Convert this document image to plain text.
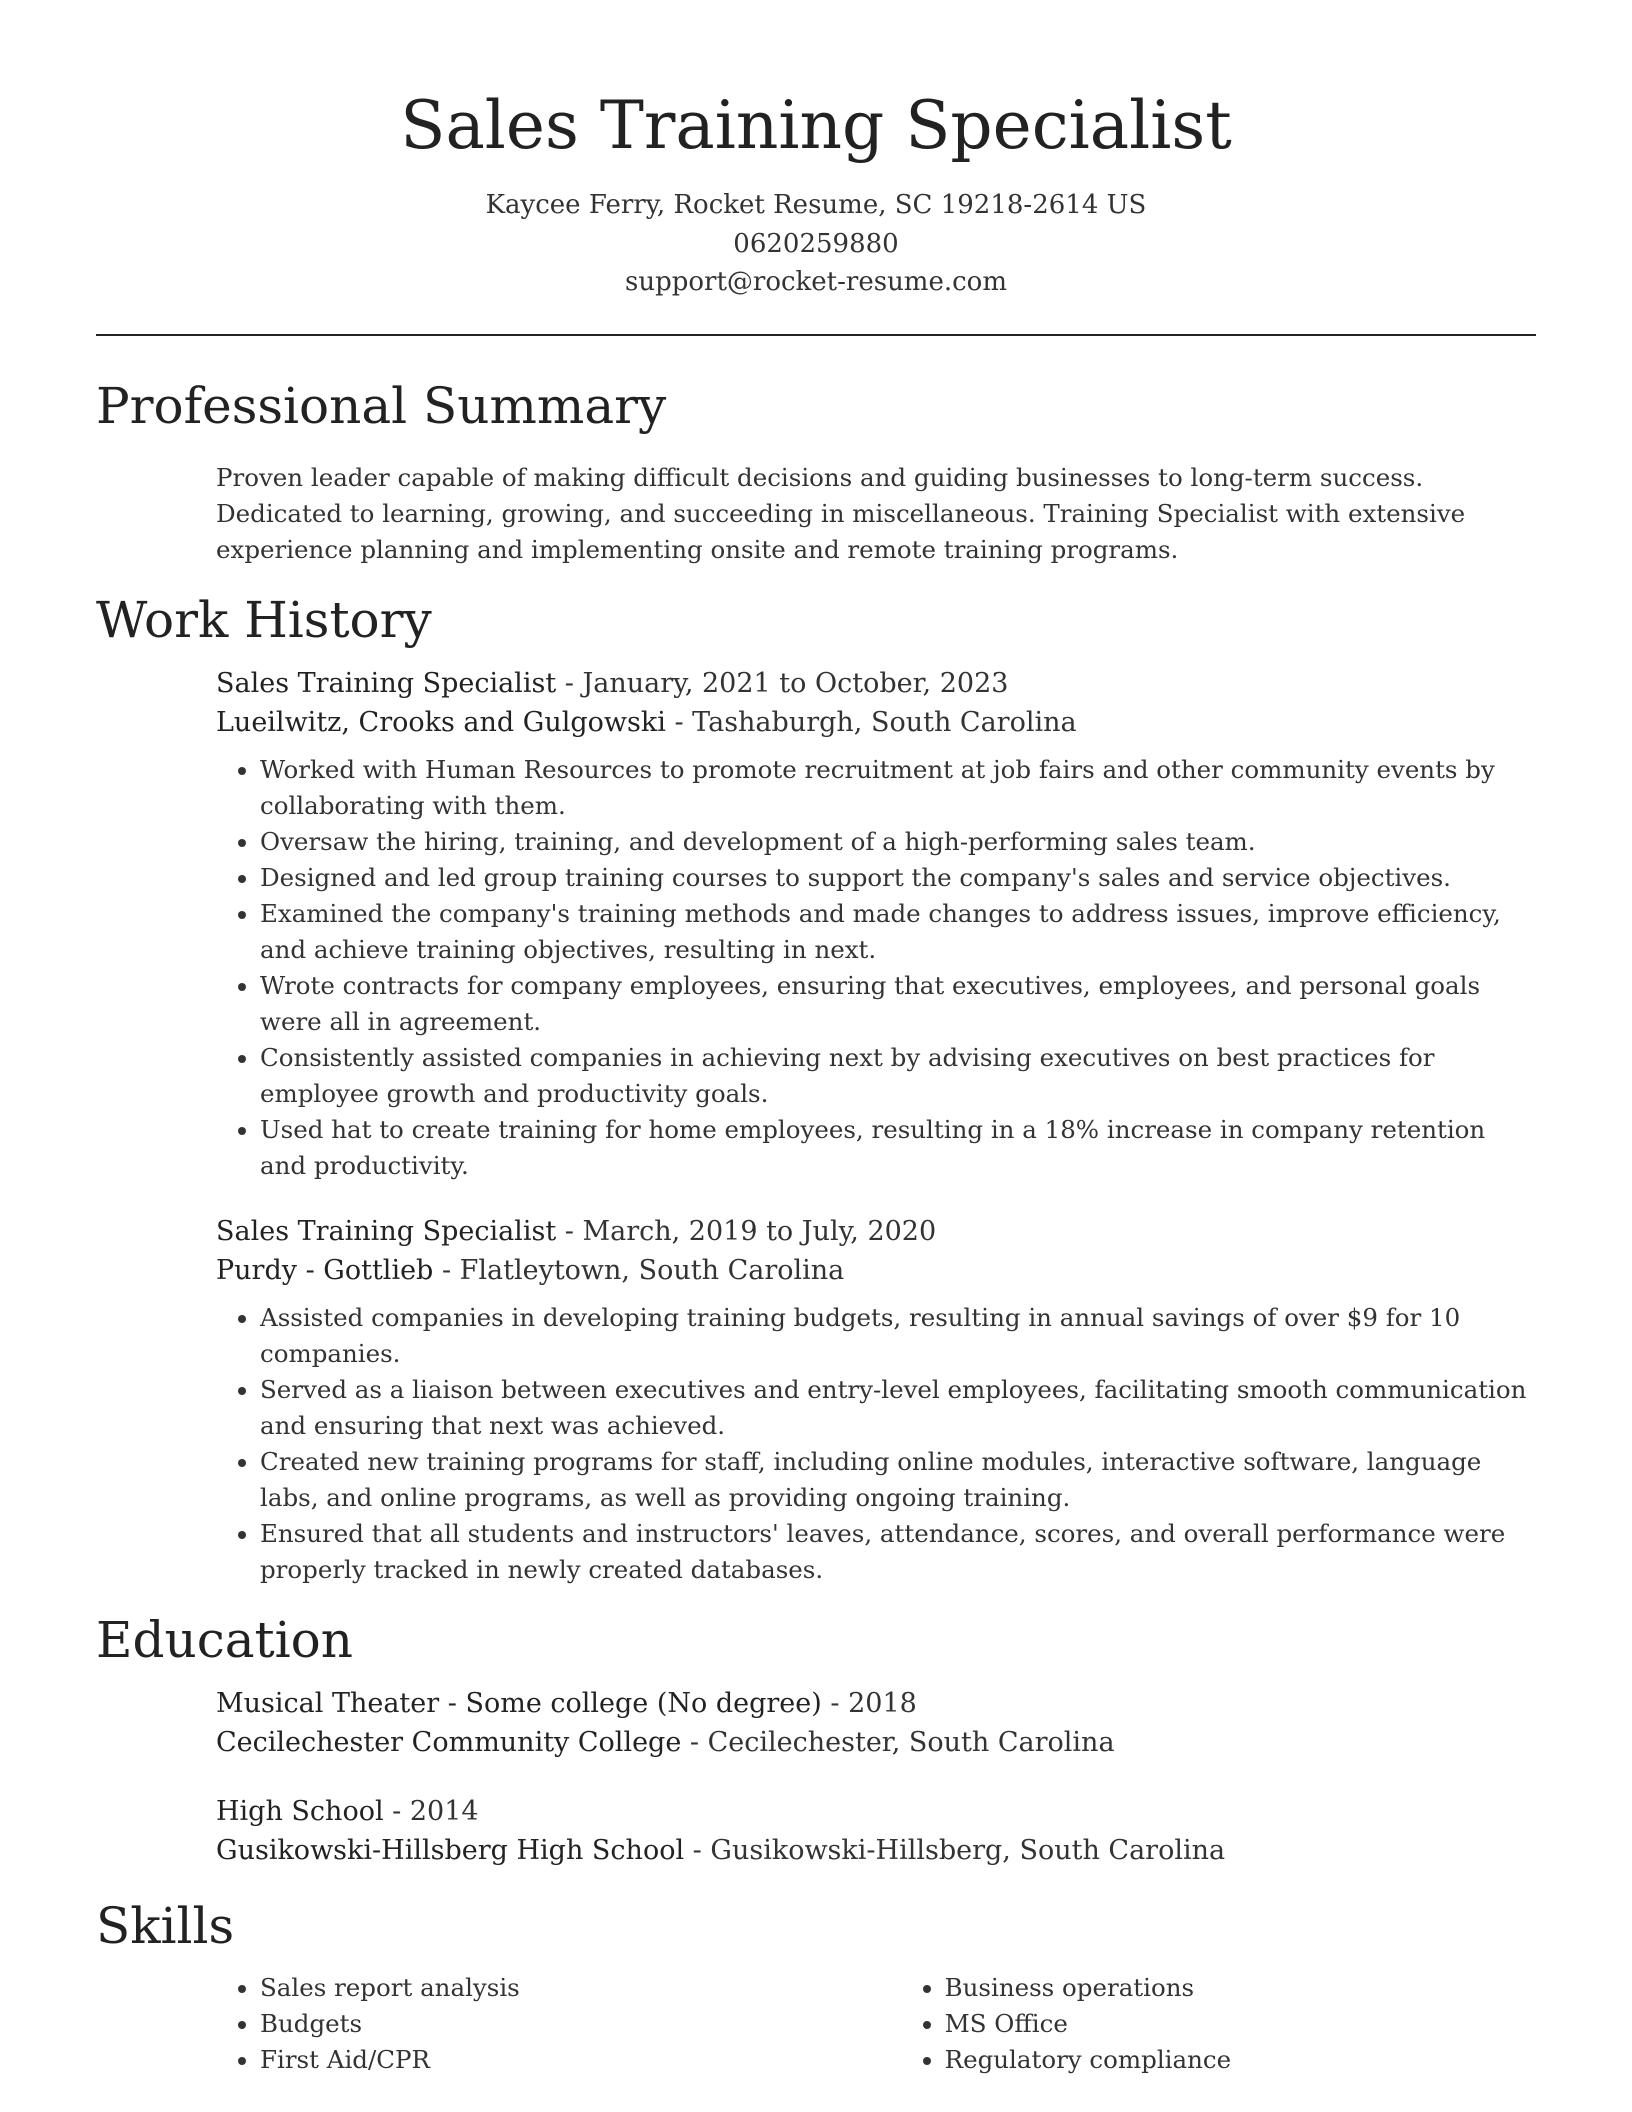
Sales Training Specialist
Kaycee Ferry, Rocket Resume, SC 19218-2614 US
0620259880
support@rocket-resume.com
Professional Summary

Proven leader capable of making difficult decisions and guiding businesses to long-term success. Dedicated to learning, growing, and succeeding in miscellaneous. Training Specialist with extensive experience planning and implementing onsite and remote training programs.

Work History
Sales Training Specialist - January, 2021 to October, 2023
Lueilwitz, Crooks and Gulgowski - Tashaburgh, South Carolina
• Worked with Human Resources to promote recruitment at job fairs and other community events by collaborating with them.
• Oversaw the hiring, training, and development of a high-performing sales team.
• Designed and led group training courses to support the company's sales and service objectives.
• Examined the company's training methods and made changes to address issues, improve efficiency, and achieve training objectives, resulting in next.
• Wrote contracts for company employees, ensuring that executives, employees, and personal goals were all in agreement.
• Consistently assisted companies in achieving next by advising executives on best practices for employee growth and productivity goals.
• Used hat to create training for home employees, resulting in a 18% increase in company retention and productivity.
Sales Training Specialist - March, 2019 to July, 2020
Purdy - Gottlieb - Flatleytown, South Carolina
• Assisted companies in developing training budgets, resulting in annual savings of over $9 for 10 companies.
• Served as a liaison between executives and entry-level employees, facilitating smooth communication and ensuring that next was achieved.
• Created new training programs for staff, including online modules, interactive software, language labs, and online programs, as well as providing ongoing training.
• Ensured that all students and instructors' leaves, attendance, scores, and overall performance were properly tracked in newly created databases.
Education
Musical Theater - Some college (No degree) - 2018
Cecilechester Community College - Cecilechester, South Carolina
High School - 2014
Gusikowski-Hillsberg High School - Gusikowski-Hillsberg, South Carolina
Skills
• Sales report analysis
• Budgets
• First Aid/CPR
• Business operations
• MS Office
• Regulatory compliance
